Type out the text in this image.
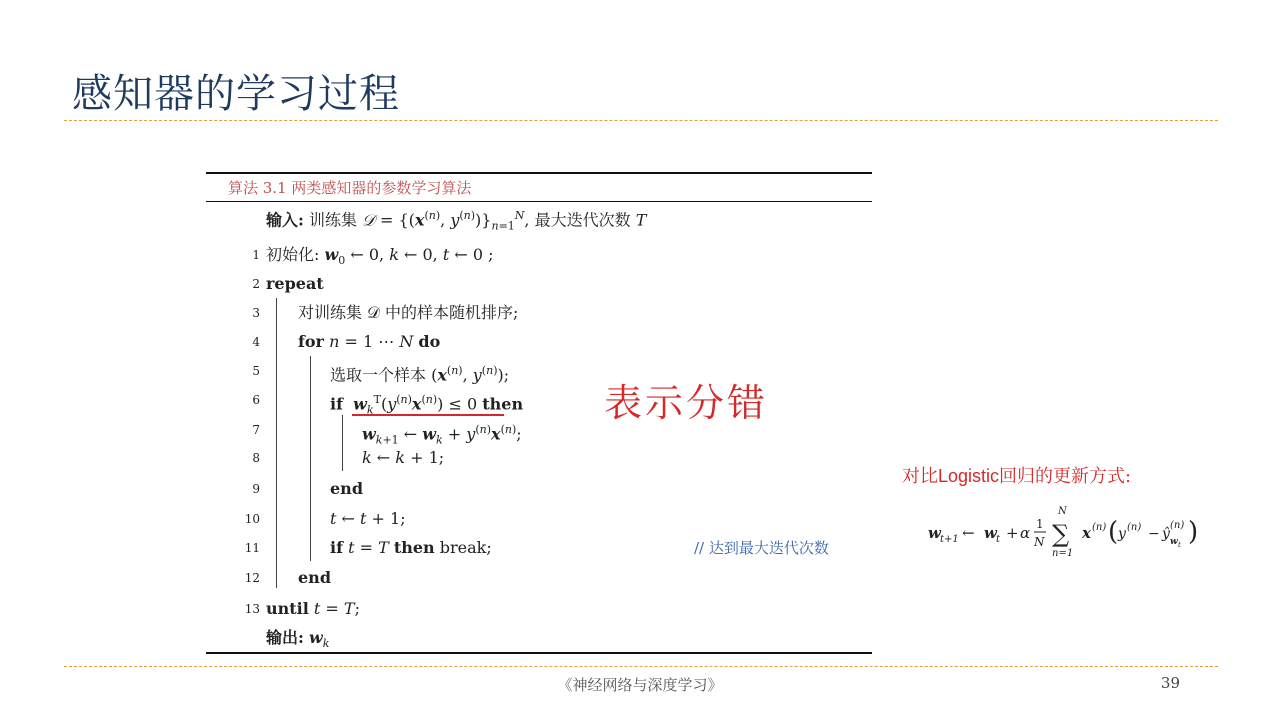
感知器的学习过程
算法 3.1 两类感知器的参数学习算法
输入: 训练集 𝒟 = {($x^{(n)}$, $y^{(n)})\}_{n=1}^N$, 最大迭代次数 T
1 初始化: $w_0$ ← 0, k ← 0, t ← 0 ;
2 repeat
3 对训练集 𝒟 中的样本随机排序;
4 for n = 1 ⋯ N do
5	选取一个样本 ($x^{(n)}$, $y^{(n)}$);
6	if $w_k^T(y^{(n)}x^{(n)}) \le 0$ then
7	$w_{k+1}$ ← $w_k + y^{(n)}x^{(n)}$;
8	k ← k + 1;
9	end
10	t ← t + 1;
11	if t = T then break;	// 达到最大迭代次数
12 end
13 until t = T;
输出: $w_k$
表示分错
对比Logistic回归的更新方式:
w t+1 ← w t + α 1
N
N
∑
n=1
x (n) ( y (n) − ŷ
(n)
w t )
《神经网络与深度学习》	39
